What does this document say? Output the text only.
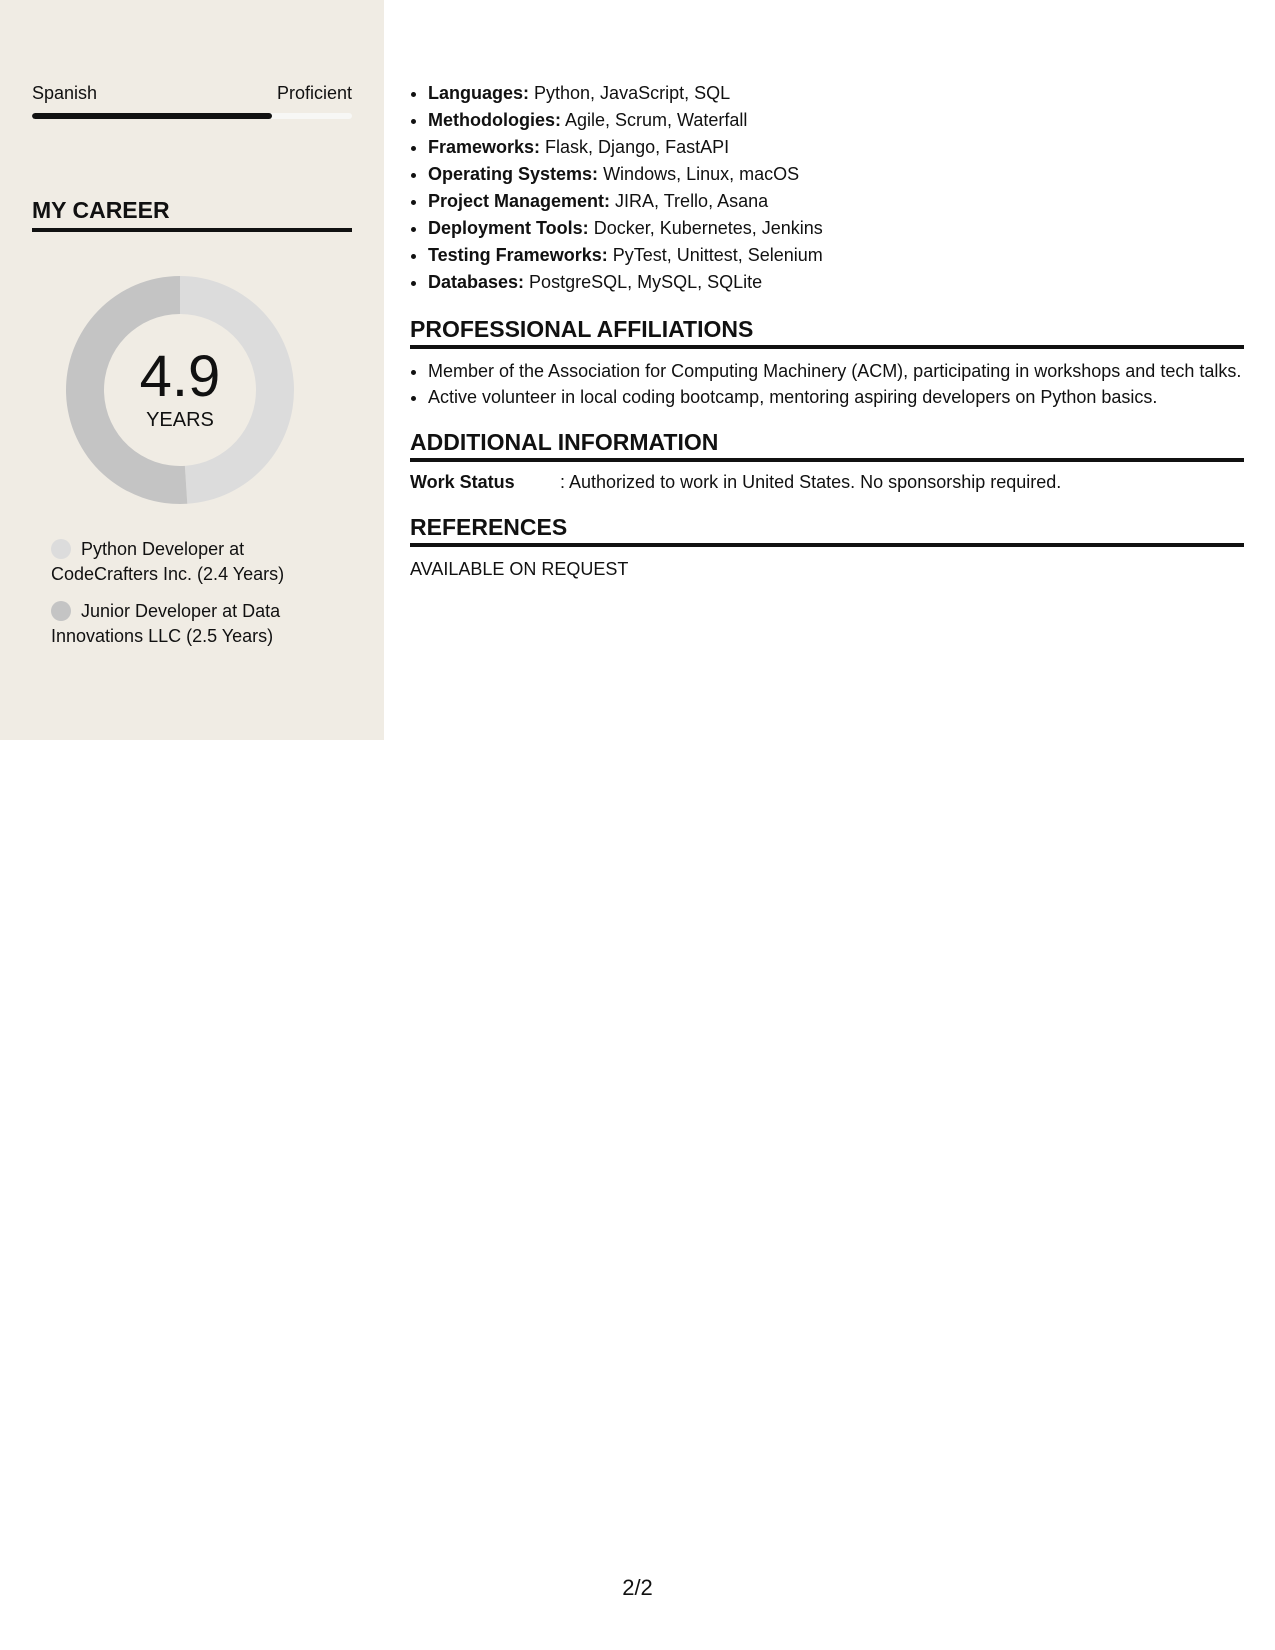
Spanish	Proficient
MY CAREER
4.9
YEARS
Python Developer at CodeCrafters Inc. (2.4 Years)
Junior Developer at Data Innovations LLC (2.5 Years)
• Languages: Python, JavaScript, SQL
• Methodologies: Agile, Scrum, Waterfall
• Frameworks: Flask, Django, FastAPI
• Operating Systems: Windows, Linux, macOS
• Project Management: JIRA, Trello, Asana
• Deployment Tools: Docker, Kubernetes, Jenkins
• Testing Frameworks: PyTest, Unittest, Selenium
• Databases: PostgreSQL, MySQL, SQLite
PROFESSIONAL AFFILIATIONS
• Member of the Association for Computing Machinery (ACM), participating in workshops and tech talks.
• Active volunteer in local coding bootcamp, mentoring aspiring developers on Python basics.
ADDITIONAL INFORMATION
Work Status	: Authorized to work in United States. No sponsorship required.
REFERENCES
AVAILABLE ON REQUEST
2/2
